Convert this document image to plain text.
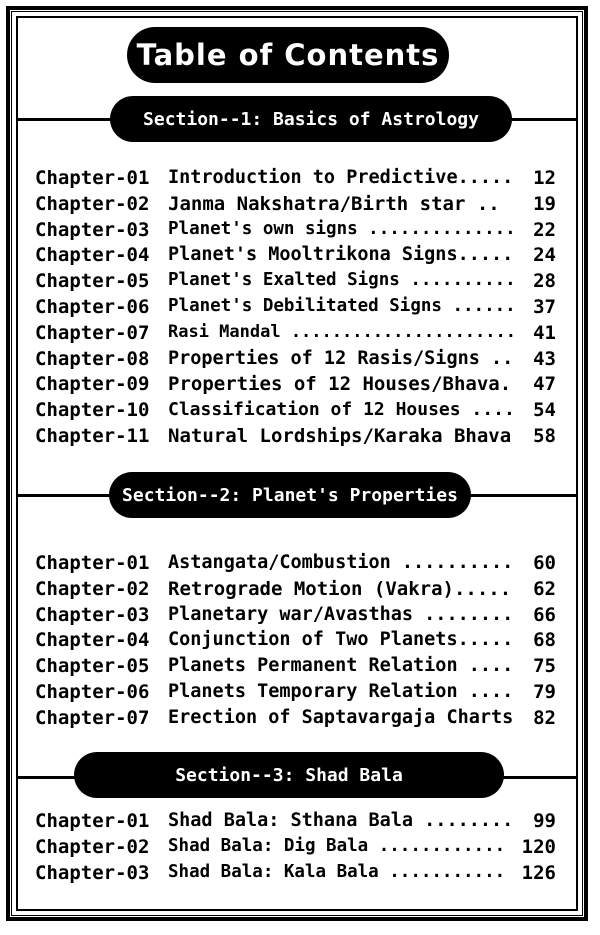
Table of Contents
Section--1: Basics of Astrology
Chapter-01 Introduction to Predictive..... 12
Chapter-02 Janma Nakshatra/Birth star .. 19
Chapter-03 Planet's own signs .............. 22
Chapter-04 Planet's Mooltrikona Signs..... 24
Chapter-05 Planet's Exalted Signs .......... 28
Chapter-06 Planet's Debilitated Signs ...... 37
Chapter-07 Rasi Mandal ...................... 41
Chapter-08 Properties of 12 Rasis/Signs .. 43
Chapter-09 Properties of 12 Houses/Bhava. 47
Chapter-10 Classification of 12 Houses .... 54
Chapter-11 Natural Lordships/Karaka Bhava 58
Section--2: Planet's Properties
Chapter-01 Astangata/Combustion .......... 60
Chapter-02 Retrograde Motion (Vakra)..... 62
Chapter-03 Planetary war/Avasthas ........ 66
Chapter-04 Conjunction of Two Planets..... 68
Chapter-05 Planets Permanent Relation .... 75
Chapter-06 Planets Temporary Relation .... 79
Chapter-07 Erection of Saptavargaja Charts 82
Section--3: Shad Bala
Chapter-01 Shad Bala: Sthana Bala ........ 99
Chapter-02 Shad Bala: Dig Bala ............ 120
Chapter-03 Shad Bala: Kala Bala ........... 126
